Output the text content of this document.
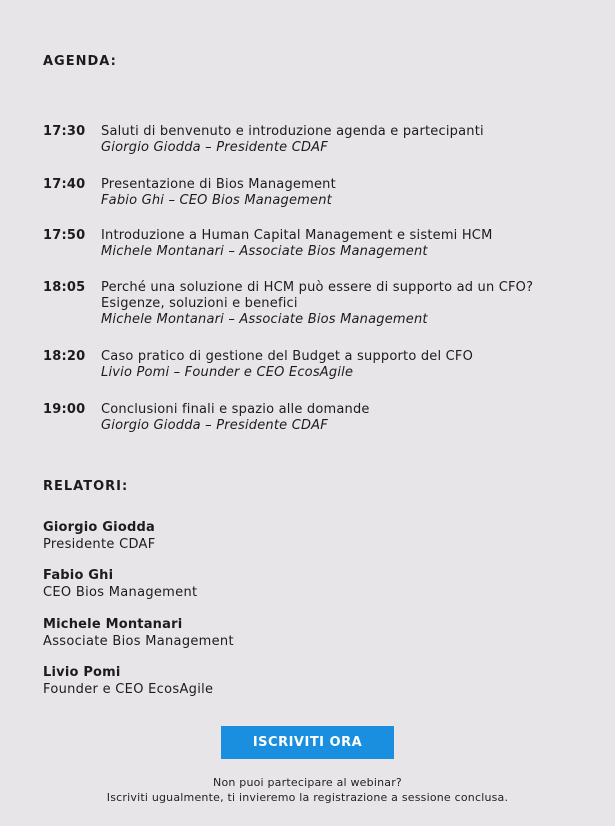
AGENDA:
17:30 Saluti di benvenuto e introduzione agenda e partecipanti
Giorgio Giodda – Presidente CDAF
17:40 Presentazione di Bios Management
Fabio Ghi – CEO Bios Management
17:50 Introduzione a Human Capital Management e sistemi HCM
Michele Montanari – Associate Bios Management
18:05 Perché una soluzione di HCM può essere di supporto ad un CFO?
Esigenze, soluzioni e benefici
Michele Montanari – Associate Bios Management
18:20 Caso pratico di gestione del Budget a supporto del CFO
Livio Pomi – Founder e CEO EcosAgile
19:00 Conclusioni finali e spazio alle domande
Giorgio Giodda – Presidente CDAF
RELATORI:
Giorgio Giodda
Presidente CDAF
Fabio Ghi
CEO Bios Management
Michele Montanari
Associate Bios Management
Livio Pomi
Founder e CEO EcosAgile
ISCRIVITI ORA
Non puoi partecipare al webinar?
Iscriviti ugualmente, ti invieremo la registrazione a sessione conclusa.
